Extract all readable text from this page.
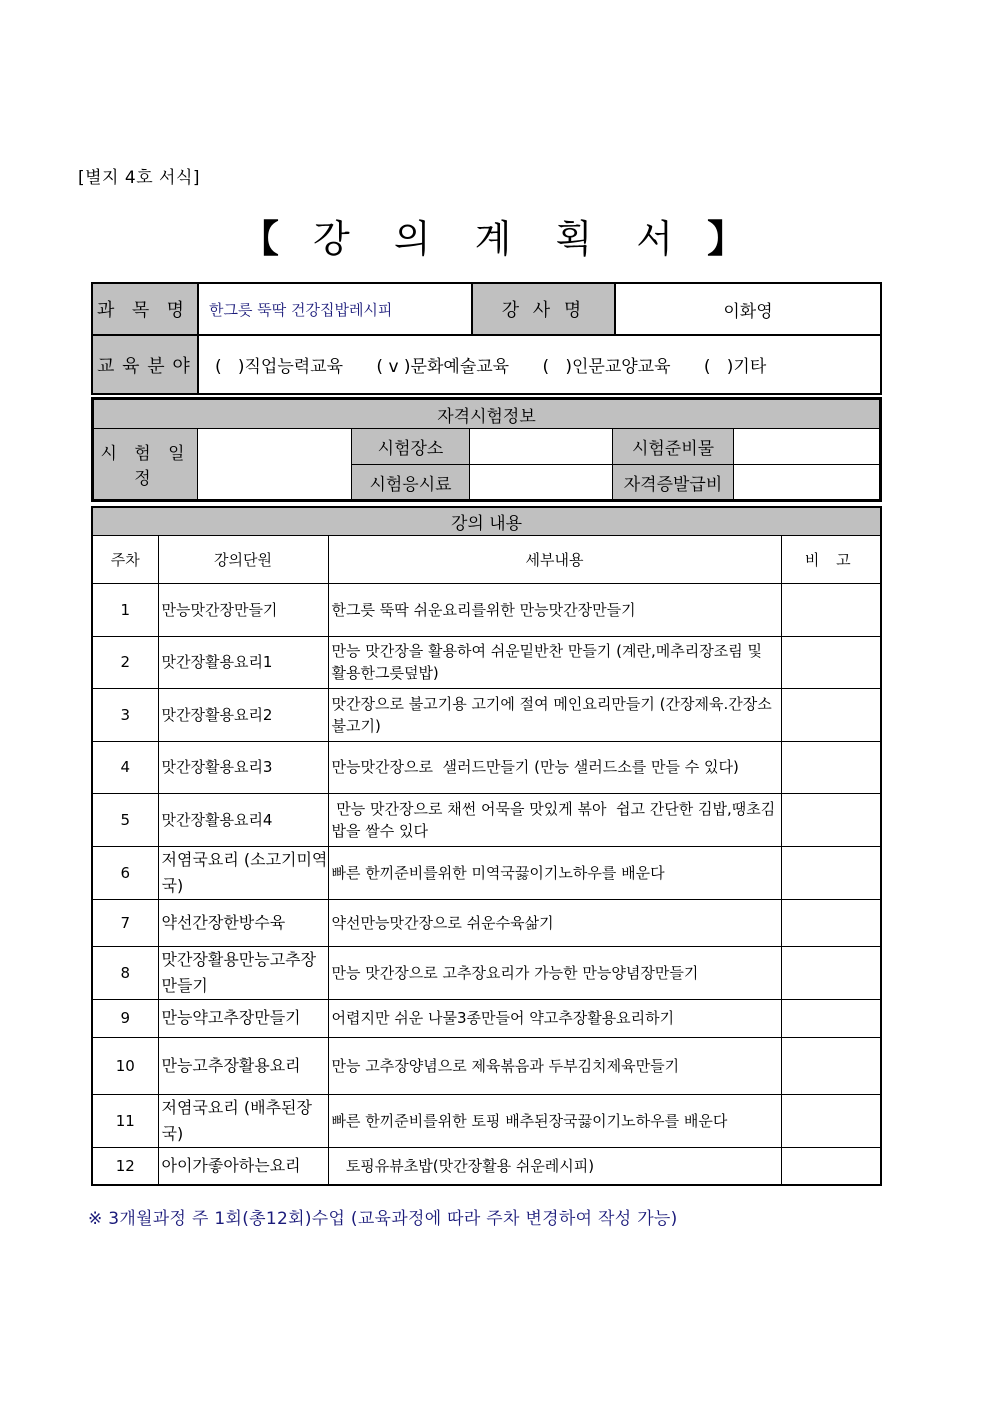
[별지 4호 서식]
【 강 의 계 획 서 】
과  목  명	한그릇 뚝딱 건강집밥레시피	강 사 명	이화영
교 육 분 야	(   )직업능력교육 ( v )문화예술교육 (   )인문교양교육 (   )기타		
자격시험정보					
시 험 일 정		시험장소		시험준비물	
		시험응시료		자격증발급비	
강의 내용			
주차	강의단원	세부내용	비 고
1	만능맛간장만들기	한그릇 뚝딱 쉬운요리를위한 만능맛간장만들기	
2	맛간장활용요리1	만능 맛간장을 활용하여 쉬운밑반찬 만들기 (계란,메추리장조림 및 활용한그릇덮밥)	
3	맛간장활용요리2	맛간장으로 불고기용 고기에 절여 메인요리만들기 (간장제육.간장소불고기)	
4	맛간장활용요리3	만능맛간장으로  샐러드만들기 (만능 샐러드소를 만들 수 있다)	
5	맛간장활용요리4	만능 맛간장으로 채썬 어묵을 맛있게 볶아  쉽고 간단한 김밥,땡초김밥을 쌀수 있다	
6	저염국요리 (소고기미역국)	빠른 한끼준비를위한 미역국끓이기노하우를 배운다	
7	약선간장한방수육	약선만능맛간장으로 쉬운수육삶기	
8	맛간장활용만능고추장만들기	만능 맛간장으로 고추장요리가 가능한 만능양념장만들기	
9	만능약고추장만들기	어렵지만 쉬운 나물3종만들어 약고추장활용요리하기	
10	만능고추장활용요리	만능 고추장양념으로 제육볶음과 두부김치제육만들기	
11	저염국요리 (배추된장국)	빠른 한끼준비를위한 토핑 배추된장국끓이기노하우를 배운다	
12	아이가좋아하는요리	토핑유뷰초밥(맛간장활용 쉬운레시피)	
※ 3개월과정 주 1회(총12회)수업 (교육과정에 따라 주차 변경하여 작성 가능)
